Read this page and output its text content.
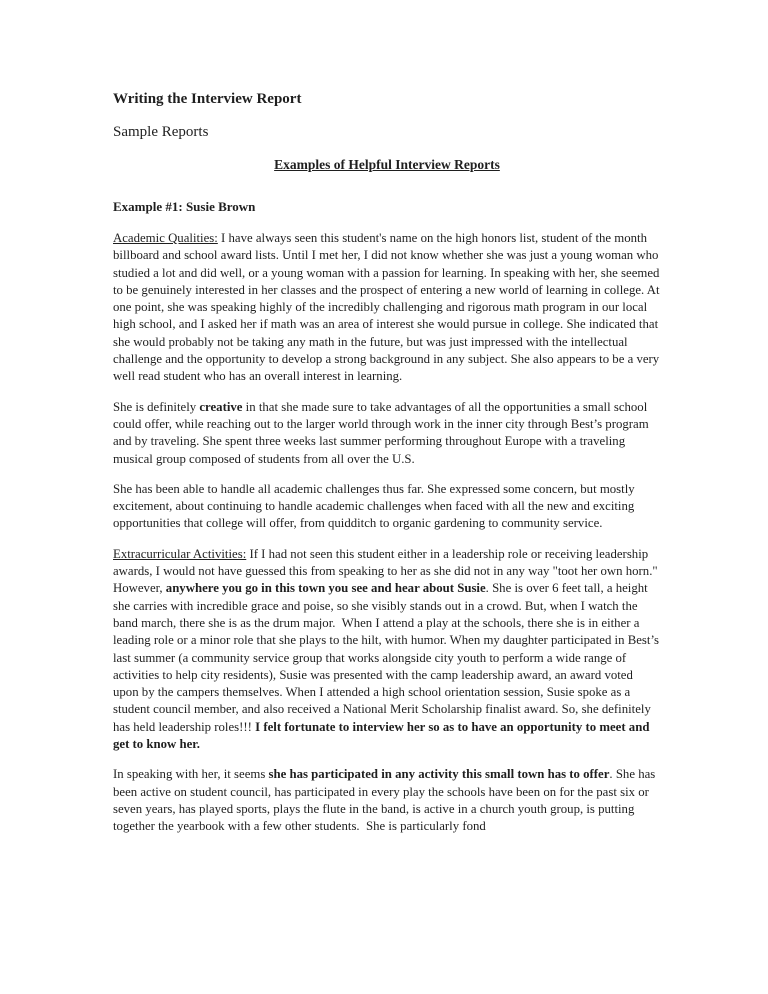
Writing the Interview Report

Sample Reports

Examples of Helpful Interview Reports
Example #1: Susie Brown

Academic Qualities: I have always seen this student's name on the high honors list, student of the month billboard and school award lists. Until I met her, I did not know whether she was just a young woman who studied a lot and did well, or a young woman with a passion for learning. In speaking with her, she seemed to be genuinely interested in her classes and the prospect of entering a new world of learning in college. At one point, she was speaking highly of the incredibly challenging and rigorous math program in our local high school, and I asked her if math was an area of interest she would pursue in college. She indicated that she would probably not be taking any math in the future, but was just impressed with the intellectual challenge and the opportunity to develop a strong background in any subject. She also appears to be a very well read student who has an overall interest in learning.

She is definitely creative in that she made sure to take advantages of all the opportunities a small school could offer, while reaching out to the larger world through work in the inner city through Best’s program and by traveling. She spent three weeks last summer performing throughout Europe with a traveling musical group composed of students from all over the U.S.

She has been able to handle all academic challenges thus far. She expressed some concern, but mostly excitement, about continuing to handle academic challenges when faced with all the new and exciting opportunities that college will offer, from quidditch to organic gardening to community service.

Extracurricular Activities: If I had not seen this student either in a leadership role or receiving leadership awards, I would not have guessed this from speaking to her as she did not in any way "toot her own horn."  However, anywhere you go in this town you see and hear about Susie. She is over 6 feet tall, a height she carries with incredible grace and poise, so she visibly stands out in a crowd. But, when I watch the band march, there she is as the drum major.  When I attend a play at the schools, there she is in either a leading role or a minor role that she plays to the hilt, with humor. When my daughter participated in Best’s last summer (a community service group that works alongside city youth to perform a wide range of activities to help city residents), Susie was presented with the camp leadership award, an award voted upon by the campers themselves. When I attended a high school orientation session, Susie spoke as a student council member, and also received a National Merit Scholarship finalist award. So, she definitely has held leadership roles!!! I felt fortunate to interview her so as to have an opportunity to meet and get to know her.

In speaking with her, it seems she has participated in any activity this small town has to offer. She has been active on student council, has participated in every play the schools have been on for the past six or seven years, has played sports, plays the flute in the band, is active in a church youth group, is putting together the yearbook with a few other students.  She is particularly fond
